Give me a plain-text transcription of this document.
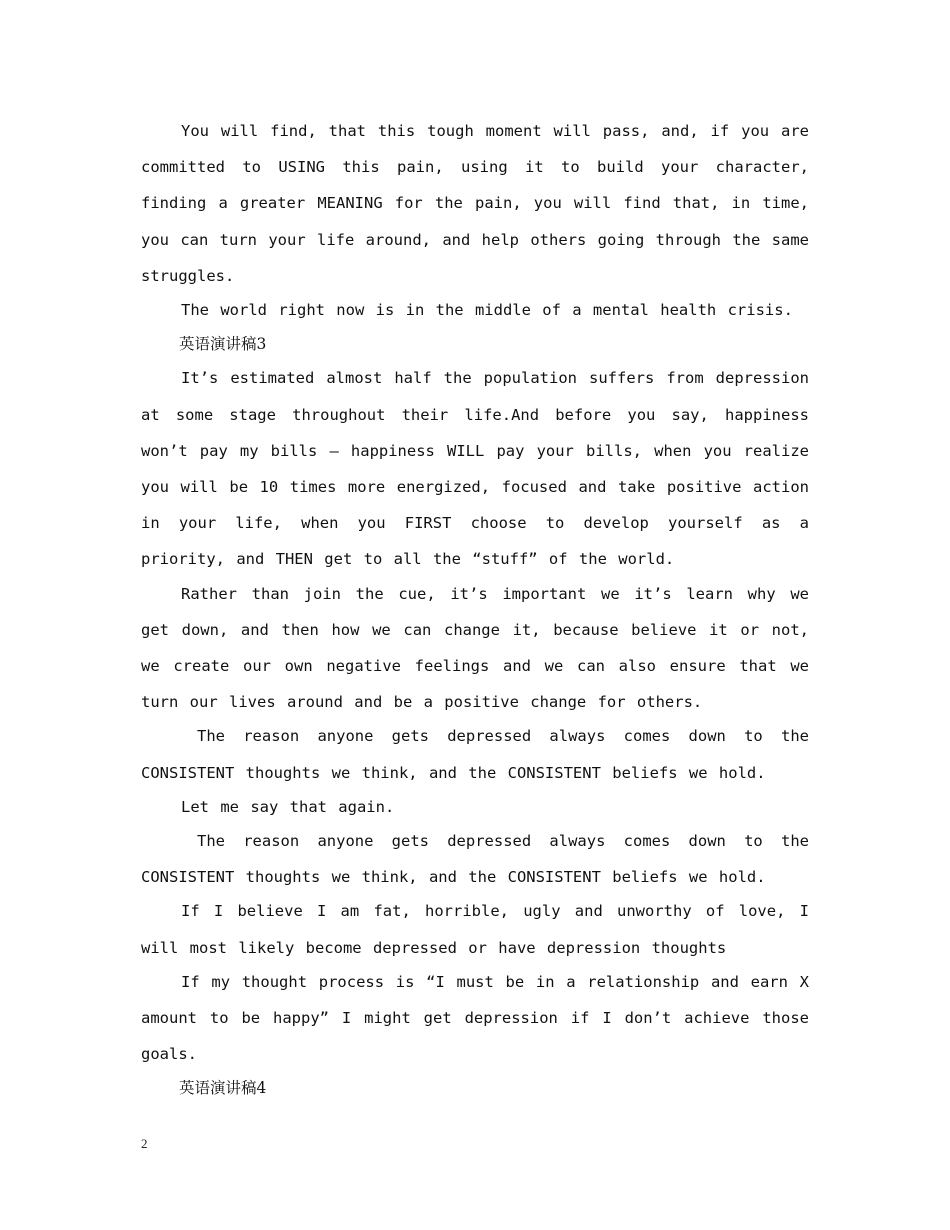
You will find, that this tough moment will pass, and, if you are committed to USING this pain, using it to build your character, finding a greater MEANING for the pain, you will find that, in time, you can turn your life around, and help others going through the same struggles.

The world right now is in the middle of a mental health crisis.

英语演讲稿3

It’s estimated almost half the population suffers from depression at some stage throughout their life.And before you say, happiness won’t pay my bills – happiness WILL pay your bills, when you realize you will be 10 times more energized, focused and take positive action in your life, when you FIRST choose to develop yourself as a priority, and THEN get to all the “stuff” of the world.

Rather than join the cue, it’s important we it’s learn why we get down, and then how we can change it, because believe it or not, we create our own negative feelings and we can also ensure that we turn our lives around and be a positive change for others.

The reason anyone gets depressed always comes down to the CONSISTENT thoughts we think, and the CONSISTENT beliefs we hold.

Let me say that again.

The reason anyone gets depressed always comes down to the CONSISTENT thoughts we think, and the CONSISTENT beliefs we hold.

If I believe I am fat, horrible, ugly and unworthy of love, I will most likely become depressed or have depression thoughts

If my thought process is “I must be in a relationship and earn X amount to be happy” I might get depression if I don’t achieve those goals.

英语演讲稿4

2
